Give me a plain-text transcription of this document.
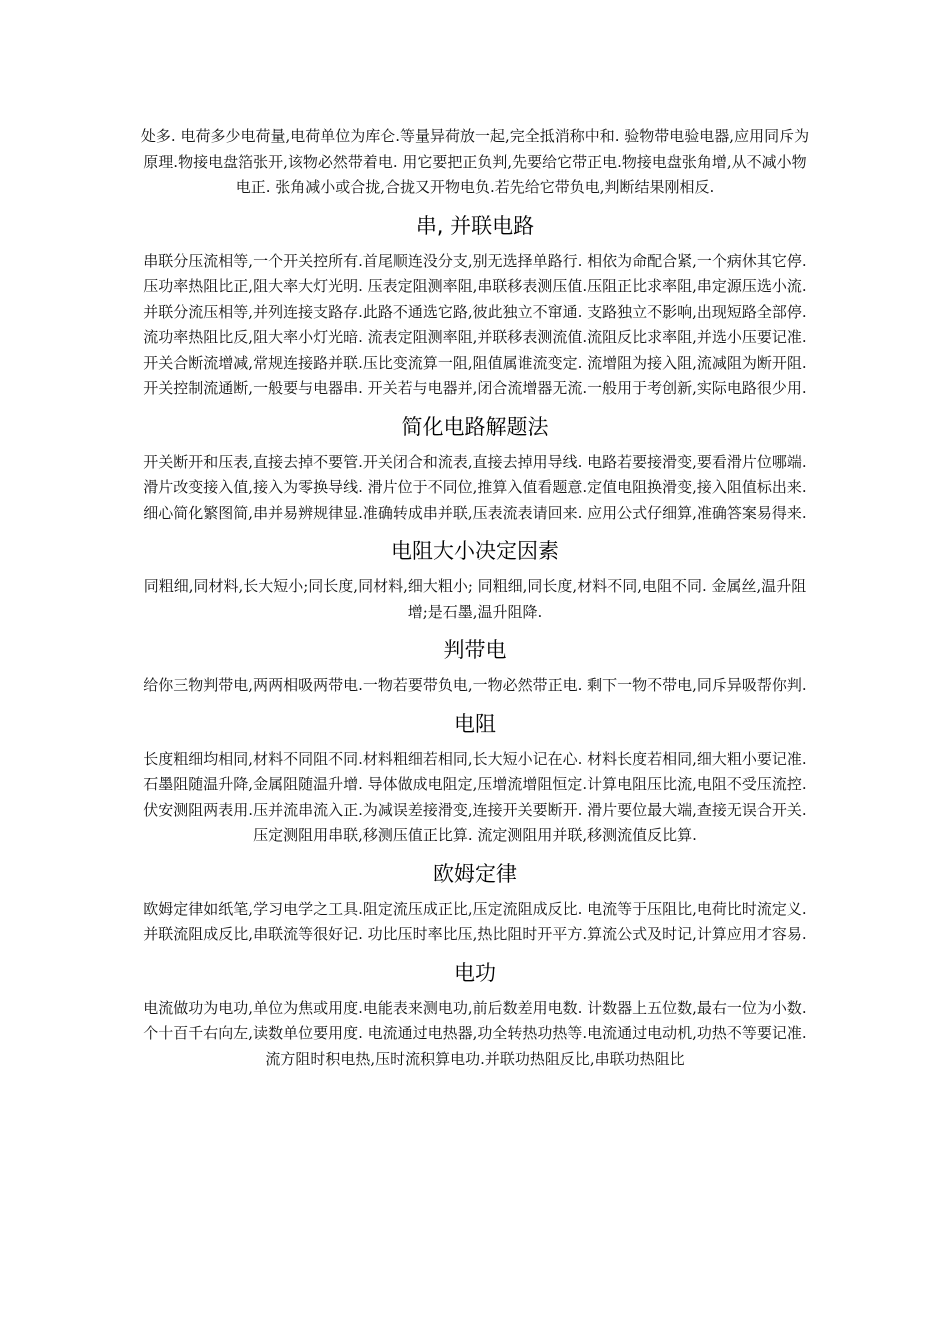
处多. 电荷多少电荷量,电荷单位为库仑.等量异荷放一起,完全抵消称中和. 验物带电验电器,应用同斥为原理.物接电盘箔张开,该物必然带着电. 用它要把正负判,先要给它带正电.物接电盘张角增,从不减小物电正. 张角减小或合拢,合拢又开物电负.若先给它带负电,判断结果刚相反.

串, 并联电路

串联分压流相等,一个开关控所有.首尾顺连没分支,别无选择单路行. 相依为命配合紧,一个病休其它停.压功率热阻比正,阻大率大灯光明. 压表定阻测率阻,串联移表测压值.压阻正比求率阻,串定源压选小流. 并联分流压相等,并列连接支路存.此路不通选它路,彼此独立不窜通. 支路独立不影响,出现短路全部停.流功率热阻比反,阻大率小灯光暗. 流表定阻测率阻,并联移表测流值.流阻反比求率阻,并选小压要记准. 开关合断流增减,常规连接路并联.压比变流算一阻,阻值属谁流变定. 流增阻为接入阻,流减阻为断开阻.开关控制流通断,一般要与电器串. 开关若与电器并,闭合流增器无流.一般用于考创新,实际电路很少用.

简化电路解题法

开关断开和压表,直接去掉不要管.开关闭合和流表,直接去掉用导线. 电路若要接滑变,要看滑片位哪端.滑片改变接入值,接入为零换导线. 滑片位于不同位,推算入值看题意.定值电阻换滑变,接入阻值标出来. 细心简化繁图简,串并易辨规律显.准确转成串并联,压表流表请回来. 应用公式仔细算,准确答案易得来.

电阻大小决定因素

同粗细,同材料,长大短小;同长度,同材料,细大粗小; 同粗细,同长度,材料不同,电阻不同. 金属丝,温升阻增;是石墨,温升阻降.

判带电

给你三物判带电,两两相吸两带电.一物若要带负电,一物必然带正电. 剩下一物不带电,同斥异吸帮你判.

电阻

长度粗细均相同,材料不同阻不同.材料粗细若相同,长大短小记在心. 材料长度若相同,细大粗小要记准.石墨阻随温升降,金属阻随温升增. 导体做成电阻定,压增流增阻恒定.计算电阻压比流,电阻不受压流控. 伏安测阻两表用.压并流串流入正.为减误差接滑变,连接开关要断开. 滑片要位最大端,查接无误合开关.压定测阻用串联,移测压值正比算. 流定测阻用并联,移测流值反比算.

欧姆定律

欧姆定律如纸笔,学习电学之工具.阻定流压成正比,压定流阻成反比. 电流等于压阻比,电荷比时流定义.并联流阻成反比,串联流等很好记. 功比压时率比压,热比阻时开平方.算流公式及时记,计算应用才容易.

电功

电流做功为电功,单位为焦或用度.电能表来测电功,前后数差用电数. 计数器上五位数,最右一位为小数.个十百千右向左,读数单位要用度. 电流通过电热器,功全转热功热等.电流通过电动机,功热不等要记准. 流方阻时积电热,压时流积算电功.并联功热阻反比,串联功热阻比
